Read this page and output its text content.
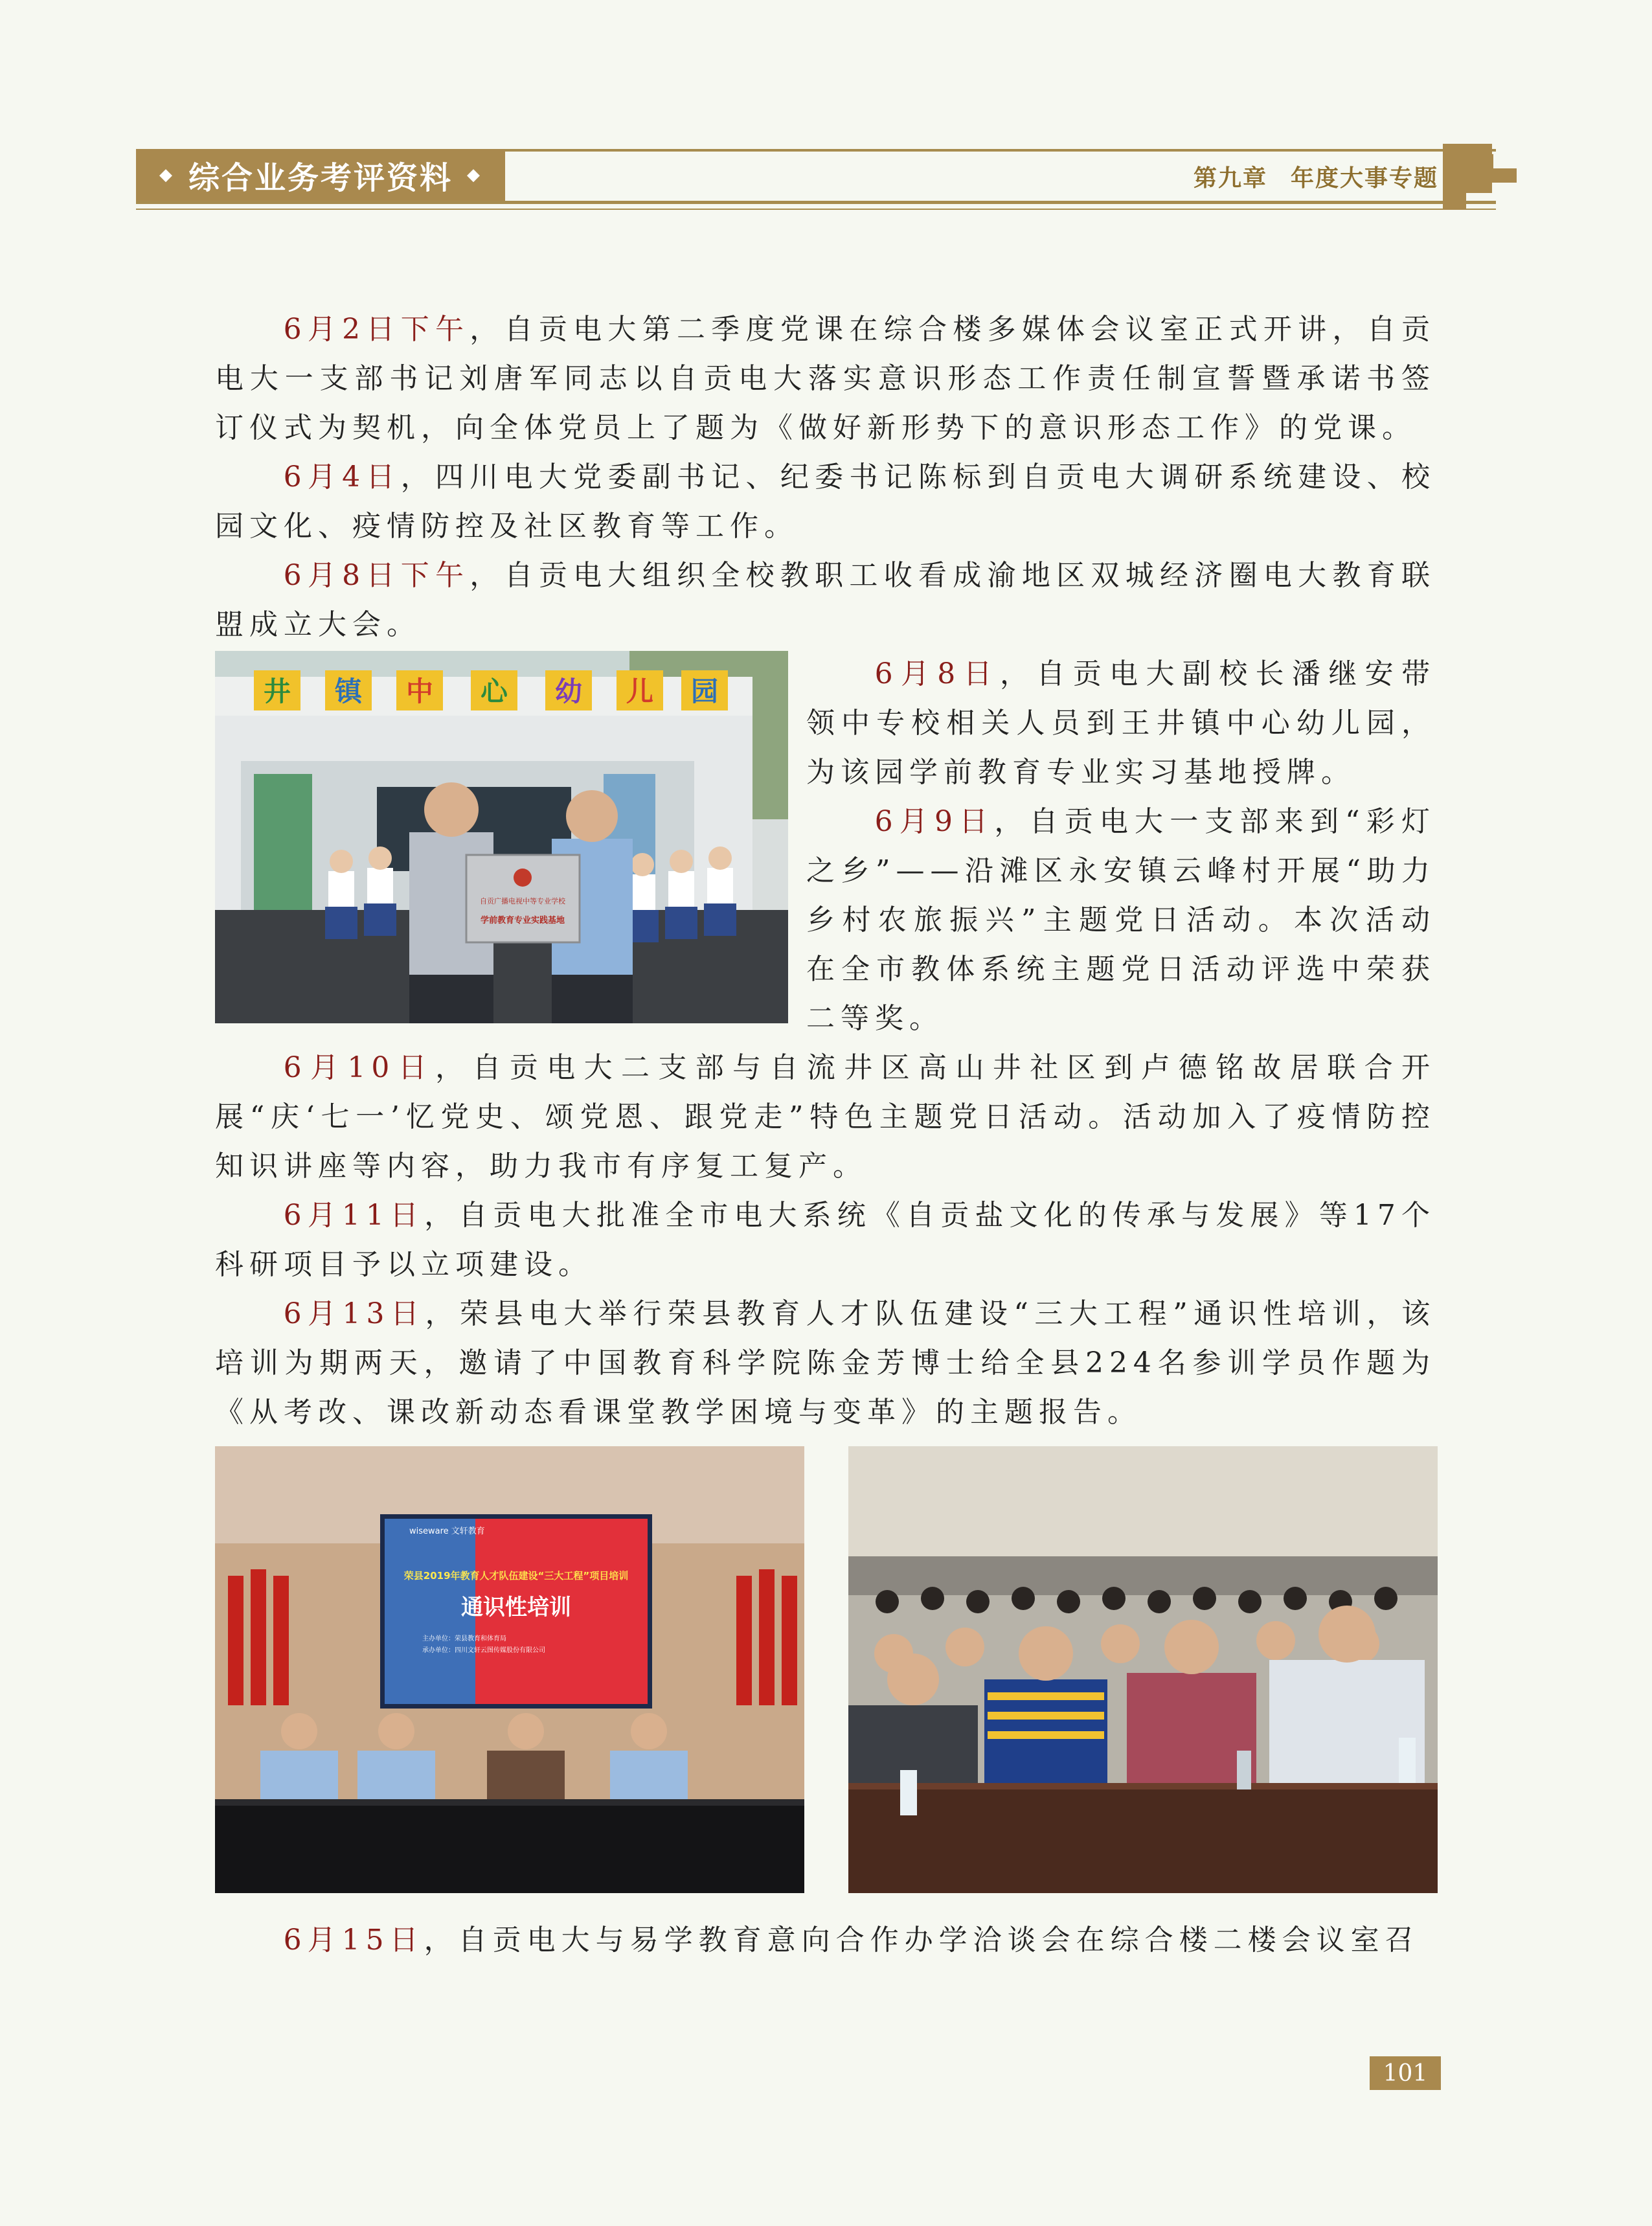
◆ 综合业务考评资料 ◆	第九章 年度大事专题

6月2日下午，自贡电大第二季度党课在综合楼多媒体会议室正式开讲，自贡电大一支部书记刘唐军同志以自贡电大落实意识形态工作责任制宣誓暨承诺书签订仪式为契机，向全体党员上了题为《做好新形势下的意识形态工作》的党课。

6月4日，四川电大党委副书记、纪委书记陈标到自贡电大调研系统建设、校园文化、疫情防控及社区教育等工作。

6月8日下午，自贡电大组织全校教职工收看成渝地区双城经济圈电大教育联盟成立大会。

6月8日，自贡电大副校长潘继安带领中专校相关人员到王井镇中心幼儿园，为该园学前教育专业实习基地授牌。

6月9日，自贡电大一支部来到“彩灯之乡”——沿滩区永安镇云峰村开展“助力乡村农旅振兴”主题党日活动。本次活动在全市教体系统主题党日活动评选中荣获二等奖。

6月10日，自贡电大二支部与自流井区高山井社区到卢德铭故居联合开展“庆‘七一’忆党史、颂党恩、跟党走”特色主题党日活动。活动加入了疫情防控知识讲座等内容，助力我市有序复工复产。

6月11日，自贡电大批准全市电大系统《自贡盐文化的传承与发展》等17个科研项目予以立项建设。

6月13日，荣县电大举行荣县教育人才队伍建设“三大工程”通识性培训，该培训为期两天，邀请了中国教育科学院陈金芳博士给全县224名参训学员作题为《从考改、课改新动态看课堂教学困境与变革》的主题报告。

6月15日，自贡电大与易学教育意向合作办学洽谈会在综合楼二楼会议室召

井 镇 中 心 幼 儿 园
自贡广播电视中等专业学校
学前教育专业实践基地
wiseware 文轩教育
荣县2019年教育人才队伍建设“三大工程”项目培训
通识性培训
主办单位：荣县教育和体育局
承办单位：四川文轩云图传媒股份有限公司
101
